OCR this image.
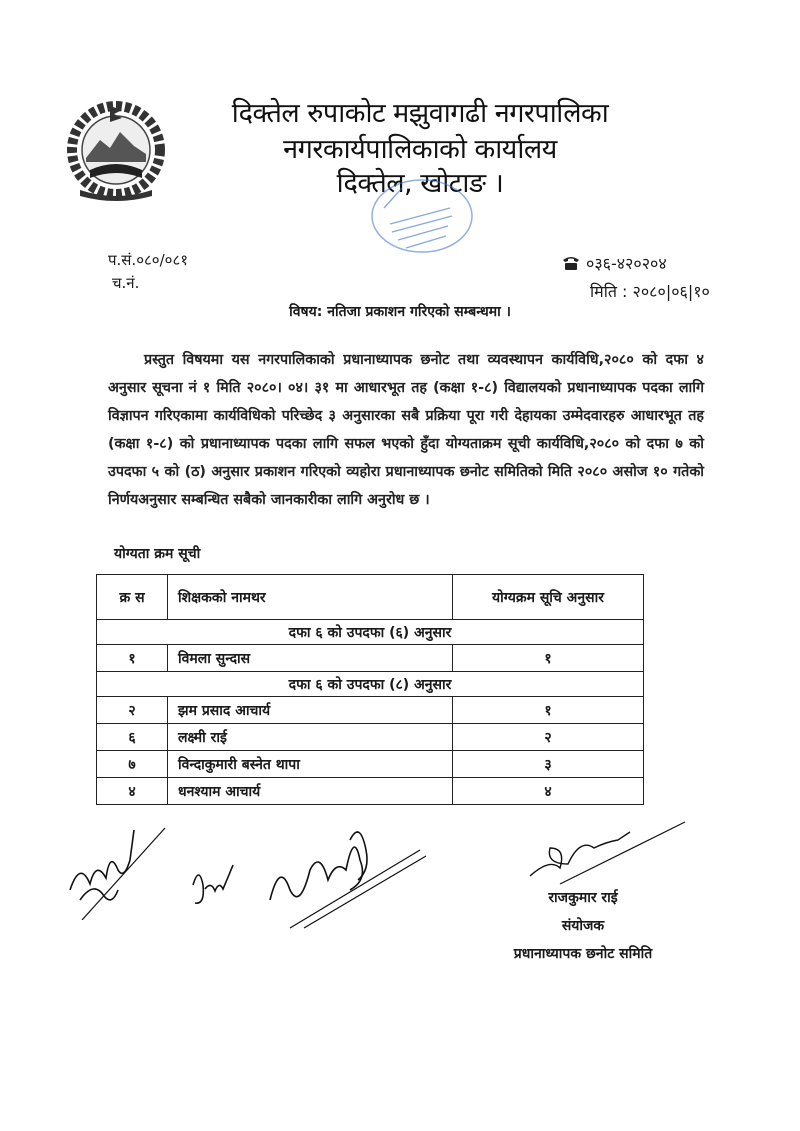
दिक्तेल रुपाकोट मझुवागढी नगरपालिका
नगरकार्यपालिकाको कार्यालय
दिक्तेल, खोटाङ ।
प.सं.०८०/०८१
च.नं.
०३६-४२०२०४
मिति : २०८०|०६|१०
विषय: नतिजा प्रकाशन गरिएको सम्बन्धमा ।
प्रस्तुत विषयमा यस नगरपालिकाको प्रधानाध्यापक छनोट तथा व्यवस्थापन कार्यविधि,२०८० को दफा ४ अनुसार सूचना नं १ मिति २०८०। ०४। ३१ मा आधारभूत तह (कक्षा १-८) विद्यालयको प्रधानाध्यापक पदका लागि विज्ञापन गरिएकामा कार्यविधिको परिच्छेद ३ अनुसारका सबै प्रक्रिया पूरा गरी देहायका उम्मेदवारहरु आधारभूत तह (कक्षा १-८) को प्रधानाध्यापक पदका लागि सफल भएको हुँदा योग्यताक्रम सूची कार्यविधि,२०८० को दफा ७ को उपदफा ५ को (ठ) अनुसार प्रकाशन गरिएको व्यहोरा प्रधानाध्यापक छनोट समितिको मिति २०८० असोज १० गतेको निर्णयअनुसार सम्बन्धित सबैको जानकारीका लागि अनुरोध छ ।
योग्यता क्रम सूची
क्र स	शिक्षकको नामथर	योग्यक्रम सूचि अनुसार
दफा ६ को उपदफा (६) अनुसार		
१	विमला सुन्दास	१
दफा ६ को उपदफा (८) अनुसार		
२	झम प्रसाद आचार्य	१
६	लक्ष्मी राई	२
७	विन्दाकुमारी बस्नेत थापा	३
४	धनश्याम आचार्य	४
राजकुमार राई
संयोजक
प्रधानाध्यापक छनोट समिति
